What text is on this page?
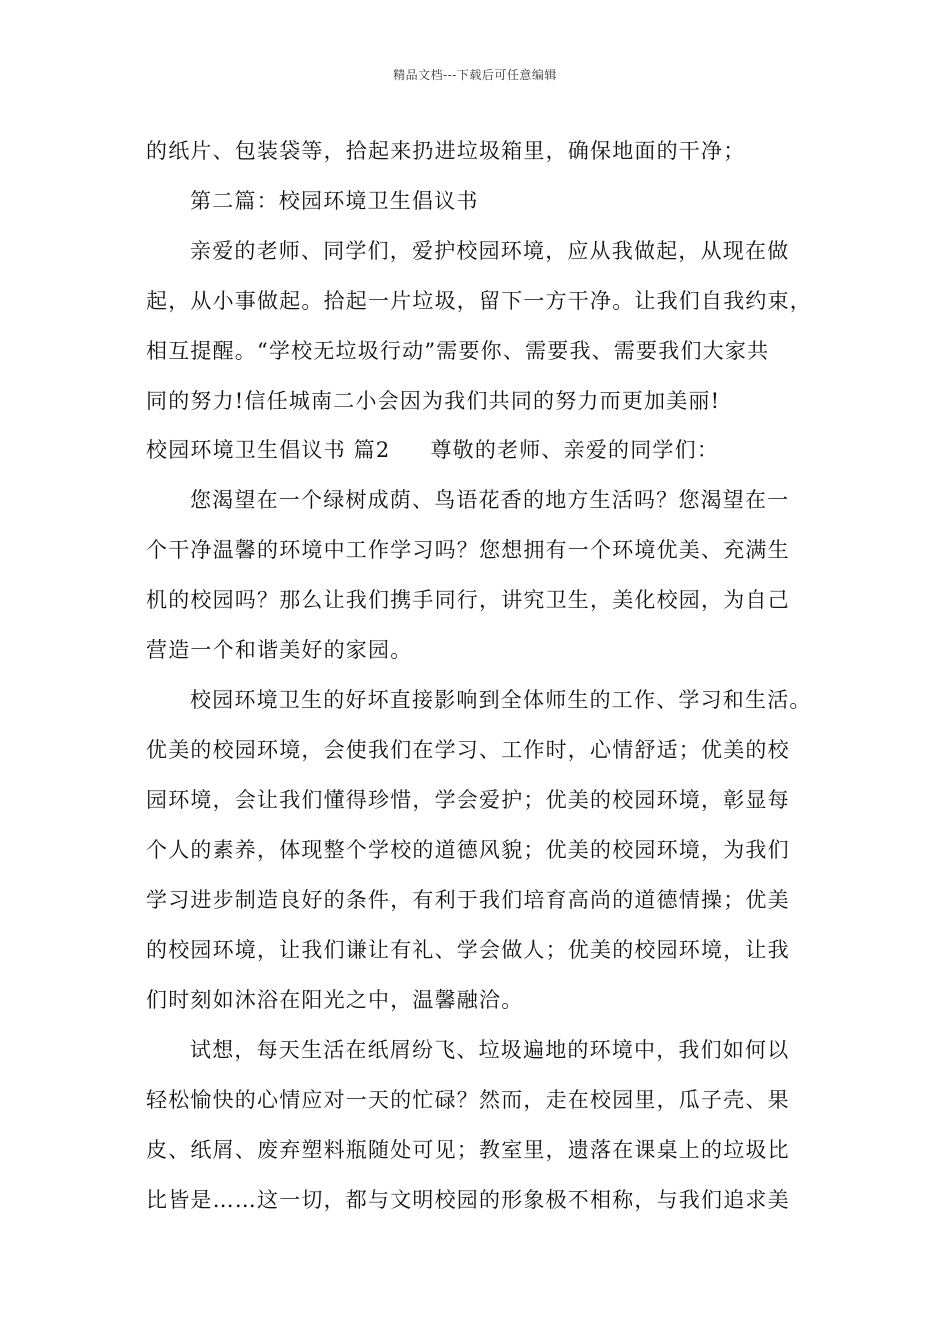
精品文档---下载后可任意编辑
的纸片、包装袋等，拾起来扔进垃圾箱里，确保地面的干净；
第二篇：校园环境卫生倡议书
亲爱的老师、同学们，爱护校园环境，应从我做起，从现在做
起，从小事做起。拾起一片垃圾，留下一方干净。让我们自我约束，
相互提醒。“学校无垃圾行动”需要你、需要我、需要我们大家共
同的努力!信任城南二小会因为我们共同的努力而更加美丽!
校园环境卫生倡议书 篇2 尊敬的老师、亲爱的同学们：
您渴望在一个绿树成荫、鸟语花香的地方生活吗？您渴望在一
个干净温馨的环境中工作学习吗？您想拥有一个环境优美、充满生
机的校园吗？那么让我们携手同行，讲究卫生，美化校园，为自己
营造一个和谐美好的家园。
校园环境卫生的好坏直接影响到全体师生的工作、学习和生活。
优美的校园环境，会使我们在学习、工作时，心情舒适；优美的校
园环境，会让我们懂得珍惜，学会爱护；优美的校园环境，彰显每
个人的素养，体现整个学校的道德风貌；优美的校园环境，为我们
学习进步制造良好的条件，有利于我们培育高尚的道德情操；优美
的校园环境，让我们谦让有礼、学会做人；优美的校园环境，让我
们时刻如沐浴在阳光之中，温馨融洽。
试想，每天生活在纸屑纷飞、垃圾遍地的环境中，我们如何以
轻松愉快的心情应对一天的忙碌？然而，走在校园里，瓜子壳、果
皮、纸屑、废弃塑料瓶随处可见；教室里，遗落在课桌上的垃圾比
比皆是……这一切，都与文明校园的形象极不相称，与我们追求美
